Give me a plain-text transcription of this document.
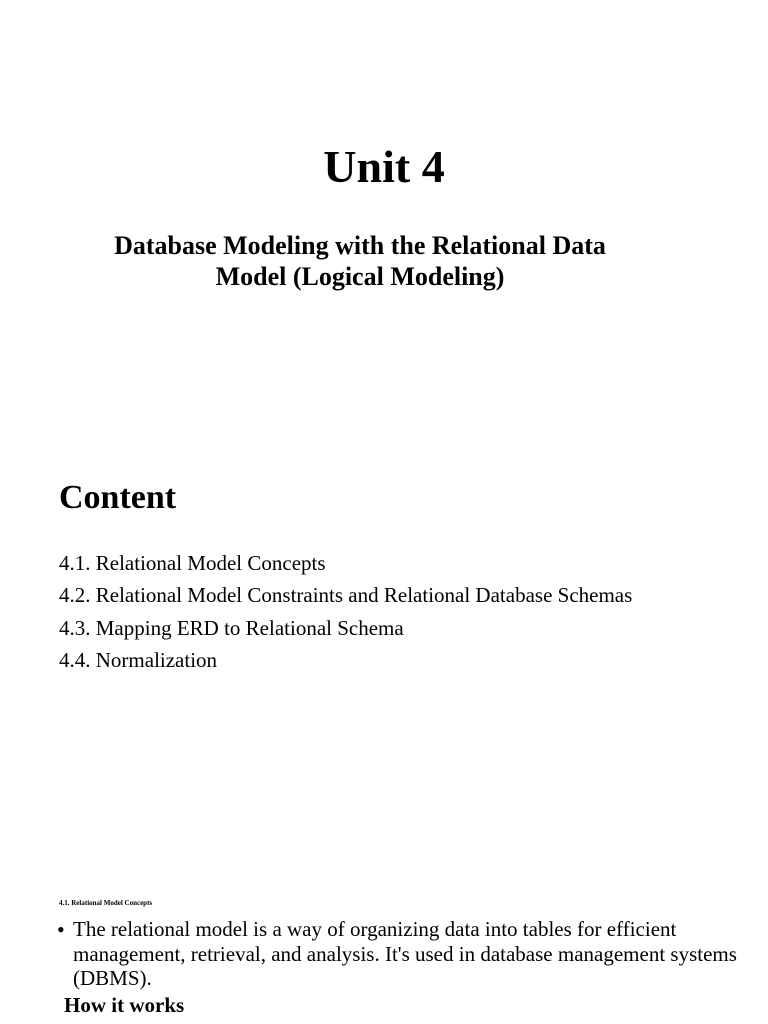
Unit 4
Database Modeling with the Relational Data
Model (Logical Modeling)
Content
4.1. Relational Model Concepts
4.2. Relational Model Constraints and Relational Database Schemas
4.3. Mapping ERD to Relational Schema
4.4. Normalization
4.1. Relational Model Concepts
• The relational model is a way of organizing data into tables for efficient management, retrieval, and analysis. It's used in database management systems (DBMS).
How it works
